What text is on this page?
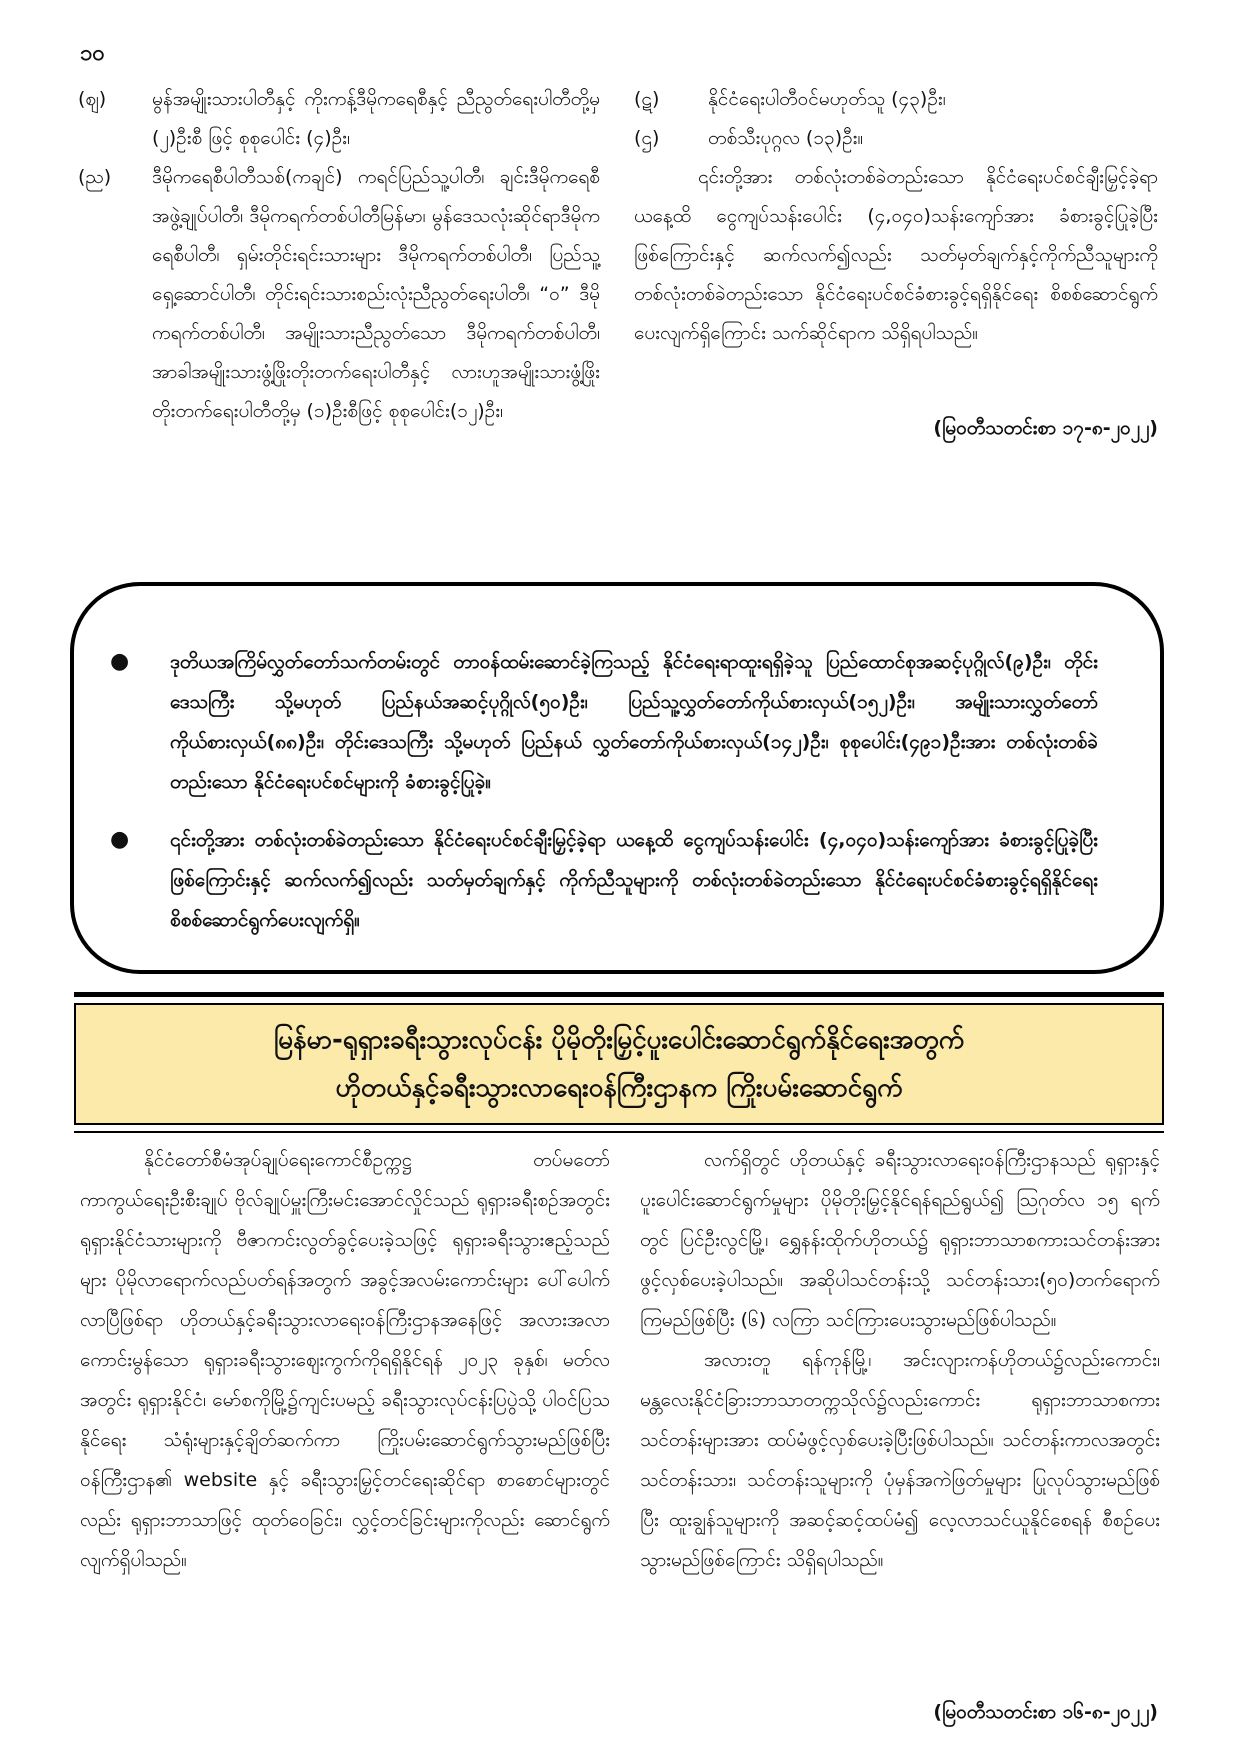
၁၀
(ဈ)	မွန်အမျိုးသားပါတီနှင့် ကိုးကန့်ဒီမိုကရေစီနှင့် ညီညွတ်ရေးပါတီတို့မှ (၂)ဦးစီ ဖြင့် စုစုပေါင်း (၄)ဦး၊
(ည)	ဒီမိုကရေစီပါတီသစ်(ကချင်) ကရင်ပြည်သူ့ပါတီ၊ ချင်းဒီမိုကရေစီအဖွဲ့ချုပ်ပါတီ၊ ဒီမိုကရက်တစ်ပါတီမြန်မာ၊ မွန်ဒေသလုံးဆိုင်ရာဒီမိုကရေစီပါတီ၊ ရှမ်းတိုင်းရင်းသားများ ဒီမိုကရက်တစ်ပါတီ၊ ပြည်သူ့ရှေ့ဆောင်ပါတီ၊ တိုင်းရင်းသားစည်းလုံးညီညွတ်ရေးပါတီ၊ “ဝ” ဒီမိုကရက်တစ်ပါတီ၊ အမျိုးသားညီညွတ်သော ဒီမိုကရက်တစ်ပါတီ၊ အာခါအမျိုးသားဖွံ့ဖြိုးတိုးတက်ရေးပါတီနှင့် လားဟူအမျိုးသားဖွံ့ဖြိုးတိုးတက်ရေးပါတီတို့မှ (၁)ဦးစီဖြင့် စုစုပေါင်း(၁၂)ဦး၊
(ဋ)	နိုင်ငံရေးပါတီဝင်မဟုတ်သူ (၄၃)ဦး၊
(ဌ)	တစ်သီးပုဂ္ဂလ (၁၃)ဦး။

၎င်းတို့အား တစ်လုံးတစ်ခဲတည်းသော နိုင်ငံရေးပင်စင်ချီးမြှင့်ခဲ့ရာ ယနေ့ထိ ငွေကျပ်သန်းပေါင်း (၄,၀၄၀)သန်းကျော်အား ခံစားခွင့်ပြုခဲ့ပြီးဖြစ်ကြောင်းနှင့် ဆက်လက်၍လည်း သတ်မှတ်ချက်နှင့်ကိုက်ညီသူများကို တစ်လုံးတစ်ခဲတည်းသော နိုင်ငံရေးပင်စင်ခံစားခွင့်ရရှိနိုင်ရေး စိစစ်ဆောင်ရွက်ပေးလျက်ရှိကြောင်း သက်ဆိုင်ရာက သိရှိရပါသည်။

(မြဝတီသတင်းစာ ၁၇-၈-၂၀၂၂)
●	ဒုတိယအကြိမ်လွှတ်တော်သက်တမ်းတွင် တာဝန်ထမ်းဆောင်ခဲ့ကြသည့် နိုင်ငံရေးရာထူးရရှိခဲ့သူ ပြည်ထောင်စုအဆင့်ပုဂ္ဂိုလ်(၉)ဦး၊ တိုင်းဒေသကြီး သို့မဟုတ် ပြည်နယ်အဆင့်ပုဂ္ဂိုလ်(၅၀)ဦး၊ ပြည်သူ့လွှတ်တော်ကိုယ်စားလှယ်(၁၅၂)ဦး၊ အမျိုးသားလွှတ်တော်ကိုယ်စားလှယ်(၈၈)ဦး၊ တိုင်းဒေသကြီး သို့မဟုတ် ပြည်နယ် လွှတ်တော်ကိုယ်စားလှယ်(၁၄၂)ဦး၊ စုစုပေါင်း(၄၉၁)ဦးအား တစ်လုံးတစ်ခဲတည်းသော နိုင်ငံရေးပင်စင်များကို ခံစားခွင့်ပြုခဲ့။
●	၎င်းတို့အား တစ်လုံးတစ်ခဲတည်းသော နိုင်ငံရေးပင်စင်ချီးမြှင့်ခဲ့ရာ ယနေ့ထိ ငွေကျပ်သန်းပေါင်း (၄,၀၄၀)သန်းကျော်အား ခံစားခွင့်ပြုခဲ့ပြီးဖြစ်ကြောင်းနှင့် ဆက်လက်၍လည်း သတ်မှတ်ချက်နှင့် ကိုက်ညီသူများကို တစ်လုံးတစ်ခဲတည်းသော နိုင်ငံရေးပင်စင်ခံစားခွင့်ရရှိနိုင်ရေး စိစစ်ဆောင်ရွက်ပေးလျက်ရှိ။
မြန်မာ-ရုရှားခရီးသွားလုပ်ငန်း ပိုမိုတိုးမြှင့်ပူးပေါင်းဆောင်ရွက်နိုင်ရေးအတွက်
ဟိုတယ်နှင့်ခရီးသွားလာရေးဝန်ကြီးဌာနက ကြိုးပမ်းဆောင်ရွက်

နိုင်ငံတော်စီမံအုပ်ချုပ်ရေးကောင်စီဥက္ကဋ္ဌ တပ်မတော်ကာကွယ်ရေးဦးစီးချုပ် ဗိုလ်ချုပ်မှူးကြီးမင်းအောင်လှိုင်သည် ရုရှားခရီးစဉ်အတွင်း ရုရှားနိုင်ငံသားများကို ဗီဇာကင်းလွတ်ခွင့်ပေးခဲ့သဖြင့် ရုရှားခရီးသွားဧည့်သည်များ ပိုမိုလာရောက်လည်ပတ်ရန်အတွက် အခွင့်အလမ်းကောင်းများ ပေါ်ပေါက်လာပြီဖြစ်ရာ ဟိုတယ်နှင့်ခရီးသွားလာရေးဝန်ကြီးဌာနအနေဖြင့် အလားအလာကောင်းမွန်သော ရုရှားခရီးသွားဈေးကွက်ကိုရရှိနိုင်ရန် ၂၀၂၃ ခုနှစ်၊ မတ်လအတွင်း ရုရှားနိုင်ငံ၊ မော်စကိုမြို့၌ကျင်းပမည့် ခရီးသွားလုပ်ငန်းပြပွဲသို့ ပါဝင်ပြသနိုင်ရေး သံရုံးများနှင့်ချိတ်ဆက်ကာ ကြိုးပမ်းဆောင်ရွက်သွားမည်ဖြစ်ပြီး ဝန်ကြီးဌာန၏ website နှင့် ခရီးသွားမြှင့်တင်ရေးဆိုင်ရာ စာစောင်များတွင်လည်း ရုရှားဘာသာဖြင့် ထုတ်ဝေခြင်း၊ လွှင့်တင်ခြင်းများကိုလည်း ဆောင်ရွက်လျက်ရှိပါသည်။

လက်ရှိတွင် ဟိုတယ်နှင့် ခရီးသွားလာရေးဝန်ကြီးဌာနသည် ရုရှားနှင့်ပူးပေါင်းဆောင်ရွက်မှုများ ပိုမိုတိုးမြှင့်နိုင်ရန်ရည်ရွယ်၍ ဩဂုတ်လ ၁၅ ရက်တွင် ပြင်ဦးလွင်မြို့၊ ရွှေနန်းထိုက်ဟိုတယ်၌ ရုရှားဘာသာစကားသင်တန်းအား ဖွင့်လှစ်ပေးခဲ့ပါသည်။ အဆိုပါသင်တန်းသို့ သင်တန်းသား(၅၀)တက်ရောက်ကြမည်ဖြစ်ပြီး (၆) လကြာ သင်ကြားပေးသွားမည်ဖြစ်ပါသည်။

အလားတူ ရန်ကုန်မြို့၊ အင်းလျားကန်ဟိုတယ်၌လည်းကောင်း၊ မန္တလေးနိုင်ငံခြားဘာသာတက္ကသိုလ်၌လည်းကောင်း ရုရှားဘာသာစကားသင်တန်းများအား ထပ်မံဖွင့်လှစ်ပေးခဲ့ပြီးဖြစ်ပါသည်။ သင်တန်းကာလအတွင်း သင်တန်းသား၊ သင်တန်းသူများကို ပုံမှန်အကဲဖြတ်မှုများ ပြုလုပ်သွားမည်ဖြစ်ပြီး ထူးချွန်သူများကို အဆင့်ဆင့်ထပ်မံ၍ လေ့လာသင်ယူနိုင်စေရန် စီစဉ်ပေးသွားမည်ဖြစ်ကြောင်း သိရှိရပါသည်။

(မြဝတီသတင်းစာ ၁၆-၈-၂၀၂၂)
